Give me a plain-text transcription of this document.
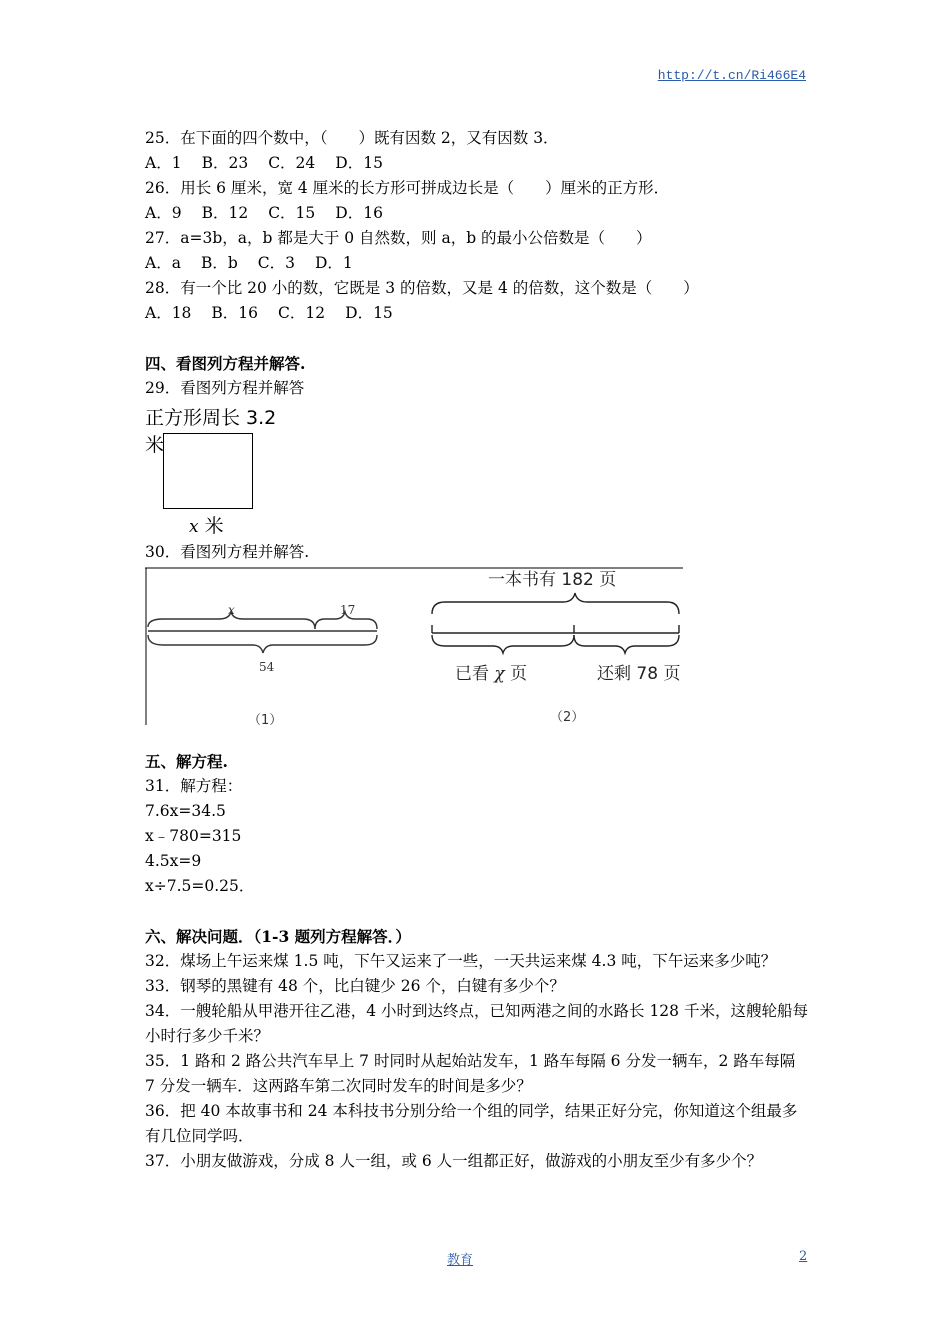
http://t.cn/Ri466E4
25．在下面的四个数中，（　　）既有因数 2，又有因数 3．
A．1 B．23 C．24 D．15
26．用长 6 厘米，宽 4 厘米的长方形可拼成边长是（　　）厘米的正方形．
A．9 B．12 C．15 D．16
27．a=3b，a，b 都是大于 0 自然数，则 a，b 的最小公倍数是（　　）
A．a B．b C．3 D．1
28．有一个比 20 小的数，它既是 3 的倍数，又是 4 的倍数，这个数是（　　）
A．18 B．16 C．12 D．15
四、看图列方程并解答.
29．看图列方程并解答
正方形周长 3.2 米
x 米
30．看图列方程并解答.
x	17
54
（1）
一本书有 182 页
已看 χ 页	还剩 78 页
（2）
五、解方程.
31．解方程：
7.6x=34.5
x﹣780=315
4.5x=9
x÷7.5=0.25．
六、解决问题．（1-3 题列方程解答．）
32．煤场上午运来煤 1.5 吨，下午又运来了一些，一天共运来煤 4.3 吨，下午运来多少吨？
33．钢琴的黑键有 48 个，比白键少 26 个，白键有多少个？
34．一艘轮船从甲港开往乙港，4 小时到达终点，已知两港之间的水路长 128 千米，这艘轮船每小时行多少千米？
35．1 路和 2 路公共汽车早上 7 时同时从起始站发车，1 路车每隔 6 分发一辆车，2 路车每隔 7 分发一辆车．这两路车第二次同时发车的时间是多少？
36．把 40 本故事书和 24 本科技书分别分给一个组的同学，结果正好分完，你知道这个组最多有几位同学吗．
37．小朋友做游戏，分成 8 人一组，或 6 人一组都正好，做游戏的小朋友至少有多少个？
教育	2
